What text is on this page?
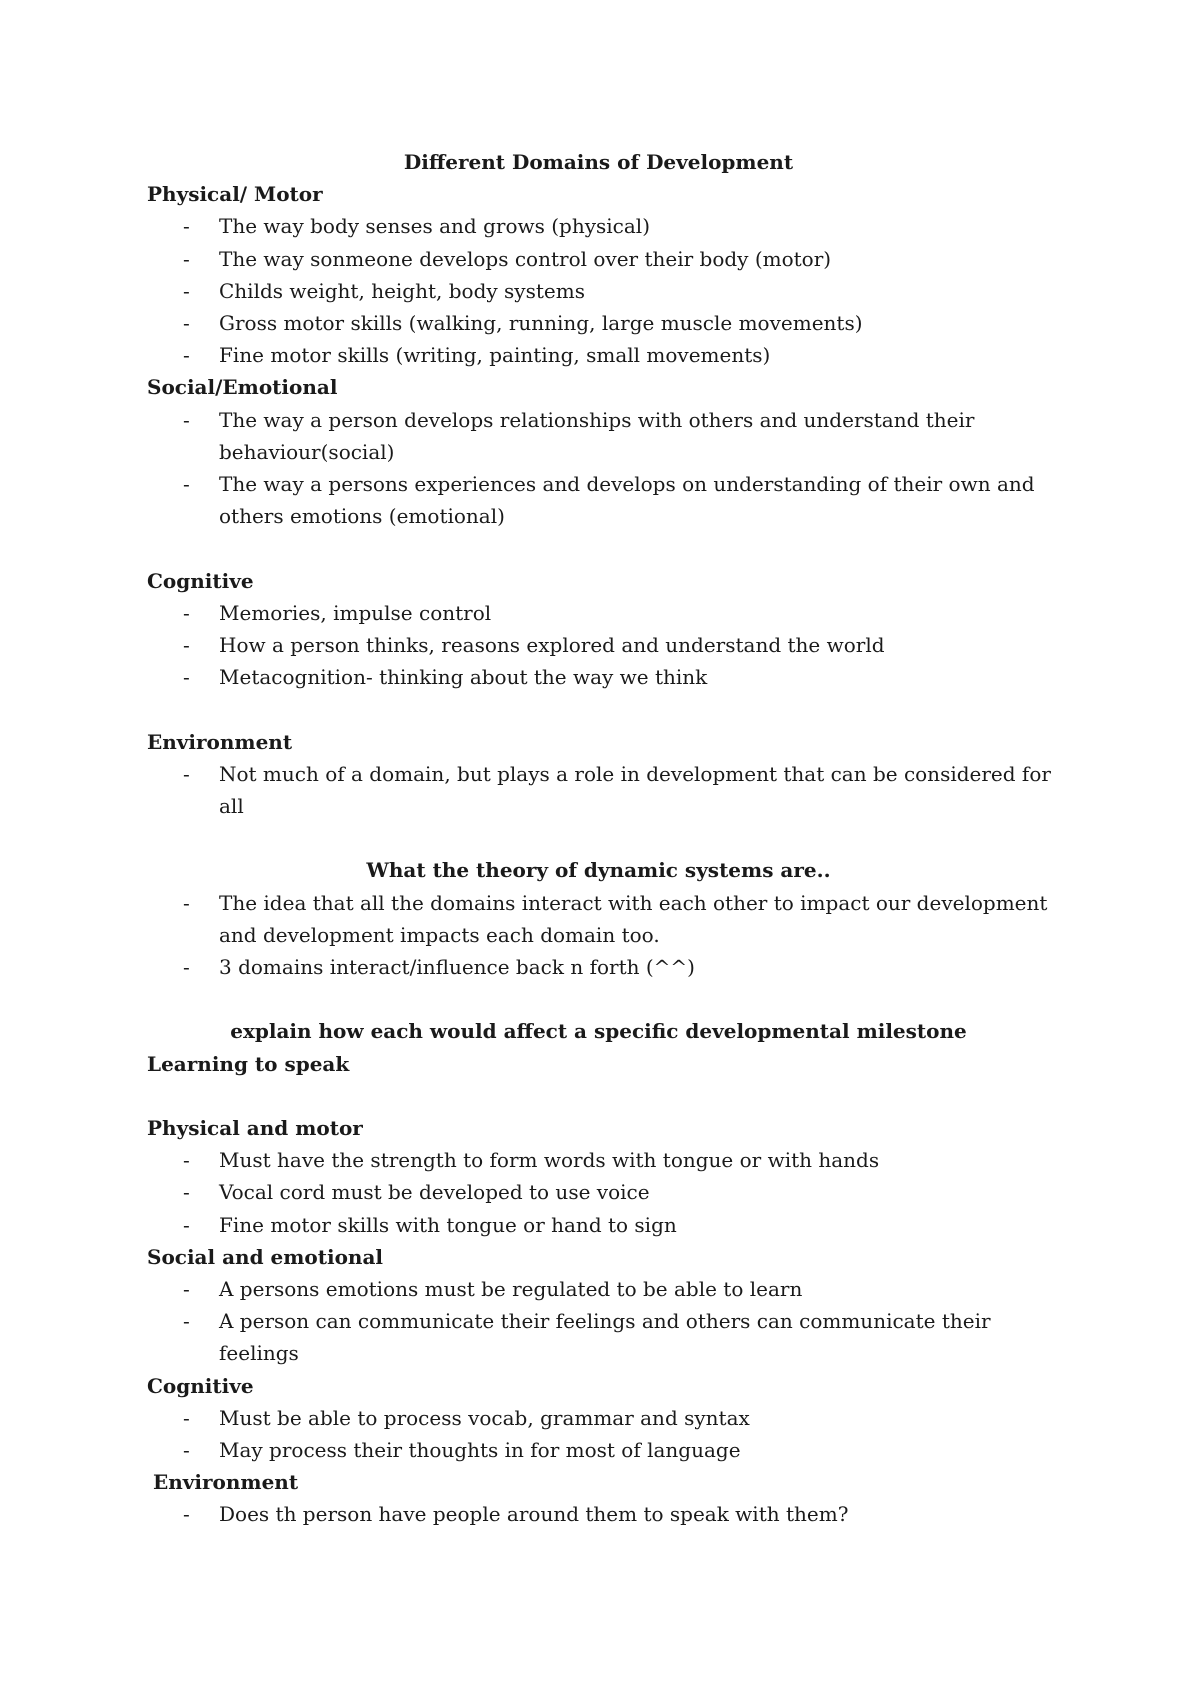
Different Domains of Development

Physical/ Motor

- The way body senses and grows (physical)
- The way sonmeone develops control over their body (motor)
- Childs weight, height, body systems
- Gross motor skills (walking, running, large muscle movements)
- Fine motor skills (writing, painting, small movements)

Social/Emotional

- The way a person develops relationships with others and understand their behaviour(social)
- The way a persons experiences and develops on understanding of their own and others emotions (emotional)

Cognitive

- Memories, impulse control
- How a person thinks, reasons explored and understand the world
- Metacognition- thinking about the way we think

Environment

- Not much of a domain, but plays a role in development that can be considered for all

What the theory of dynamic systems are..

- The idea that all the domains interact with each other to impact our development and development impacts each domain too.
- 3 domains interact/influence back n forth (^^)

explain how each would affect a specific developmental milestone

Learning to speak

Physical and motor

- Must have the strength to form words with tongue or with hands
- Vocal cord must be developed to use voice
- Fine motor skills with tongue or hand to sign

Social and emotional

- A persons emotions must be regulated to be able to learn
- A person can communicate their feelings and others can communicate their feelings

Cognitive

- Must be able to process vocab, grammar and syntax
- May process their thoughts in for most of language

Environment

- Does th person have people around them to speak with them?
